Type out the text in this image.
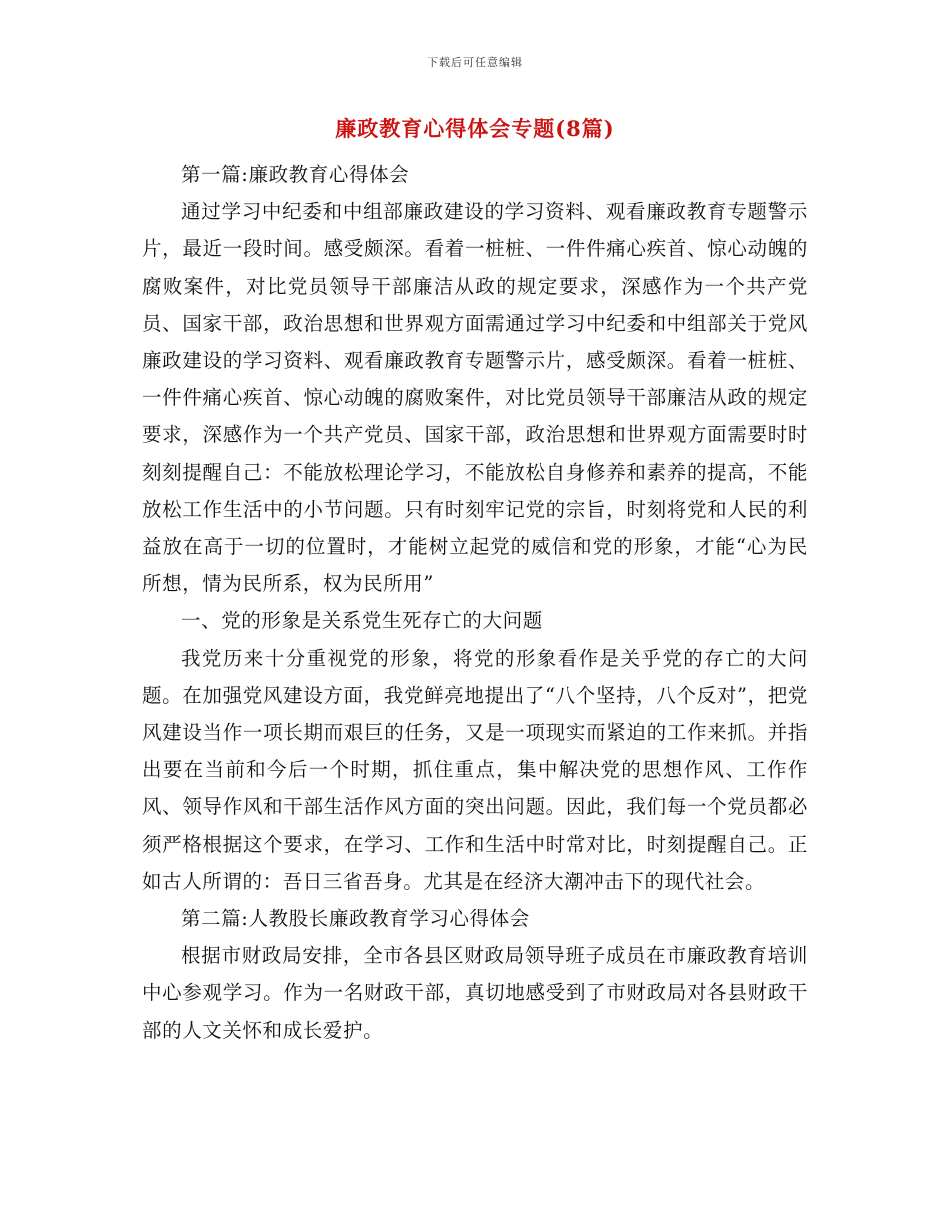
下载后可任意编辑
廉政教育心得体会专题(8篇)

第一篇:廉政教育心得体会

通过学习中纪委和中组部廉政建设的学习资料、观看廉政教育专题警示片，最近一段时间。感受颇深。看着一桩桩、一件件痛心疾首、惊心动魄的腐败案件，对比党员领导干部廉洁从政的规定要求，深感作为一个共产党员、国家干部，政治思想和世界观方面需通过学习中纪委和中组部关于党风廉政建设的学习资料、观看廉政教育专题警示片，感受颇深。看着一桩桩、一件件痛心疾首、惊心动魄的腐败案件，对比党员领导干部廉洁从政的规定要求，深感作为一个共产党员、国家干部，政治思想和世界观方面需要时时刻刻提醒自己：不能放松理论学习，不能放松自身修养和素养的提高，不能放松工作生活中的小节问题。只有时刻牢记党的宗旨，时刻将党和人民的利益放在高于一切的位置时，才能树立起党的威信和党的形象，才能“心为民所想，情为民所系，权为民所用”

一、党的形象是关系党生死存亡的大问题

我党历来十分重视党的形象，将党的形象看作是关乎党的存亡的大问题。在加强党风建设方面，我党鲜亮地提出了“八个坚持，八个反对”，把党风建设当作一项长期而艰巨的任务，又是一项现实而紧迫的工作来抓。并指出要在当前和今后一个时期，抓住重点，集中解决党的思想作风、工作作风、领导作风和干部生活作风方面的突出问题。因此，我们每一个党员都必须严格根据这个要求，在学习、工作和生活中时常对比，时刻提醒自己。正如古人所谓的：吾日三省吾身。尤其是在经济大潮冲击下的现代社会。

第二篇:人教股长廉政教育学习心得体会

根据市财政局安排，全市各县区财政局领导班子成员在市廉政教育培训中心参观学习。作为一名财政干部，真切地感受到了市财政局对各县财政干部的人文关怀和成长爱护。
